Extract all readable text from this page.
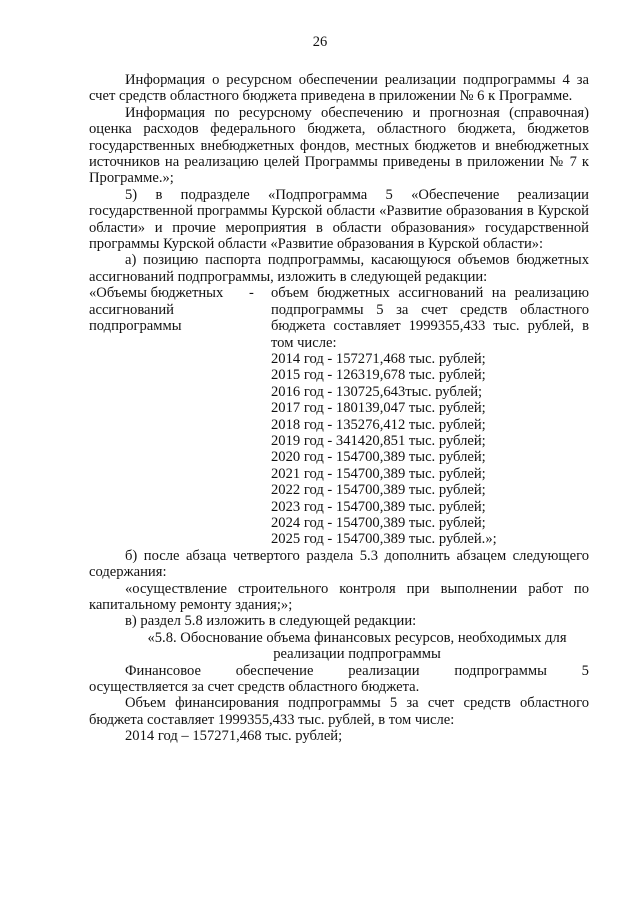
26

Информация о ресурсном обеспечении реализации подпрограммы 4 за счет средств областного бюджета приведена в приложении № 6 к Программе.

Информация по ресурсному обеспечению и прогнозная (справочная) оценка расходов федерального бюджета, областного бюджета, бюджетов государственных внебюджетных фондов, местных бюджетов и внебюджетных источников на реализацию целей Программы приведены в приложении № 7 к Программе.»;

5) в подразделе «Подпрограмма 5 «Обеспечение реализации государственной программы Курской области «Развитие образования в Курской области» и прочие мероприятия в области образования» государственной программы Курской области «Развитие образования в Курской области»:

а) позицию паспорта подпрограммы, касающуюся объемов бюджетных ассигнований подпрограммы, изложить в следующей редакции:

«Объемы бюджетных ассигнований подпрограммы
-	объем бюджетных ассигнований на реализацию подпрограммы 5 за счет средств областного бюджета составляет 1999355,433 тыс. рублей, в том числе:

2014 год - 157271,468 тыс. рублей;
2015 год - 126319,678 тыс. рублей;
2016 год - 130725,643тыс. рублей;
2017 год - 180139,047 тыс. рублей;
2018 год - 135276,412 тыс. рублей;
2019 год - 341420,851 тыс. рублей;
2020 год - 154700,389 тыс. рублей;
2021 год - 154700,389 тыс. рублей;
2022 год - 154700,389 тыс. рублей;
2023 год - 154700,389 тыс. рублей;
2024 год - 154700,389 тыс. рублей;
2025 год - 154700,389 тыс. рублей.»;

б) после абзаца четвертого раздела 5.3 дополнить абзацем следующего содержания:

«осуществление строительного контроля при выполнении работ по капитальному ремонту здания;»;

в) раздел 5.8 изложить в следующей редакции:

«5.8. Обоснование объема финансовых ресурсов, необходимых для

реализации подпрограммы

Финансовое обеспечение реализации подпрограммы 5

осуществляется за счет средств областного бюджета.

Объем финансирования подпрограммы 5 за счет средств областного бюджета составляет 1999355,433 тыс. рублей, в том числе:

2014 год – 157271,468 тыс. рублей;
